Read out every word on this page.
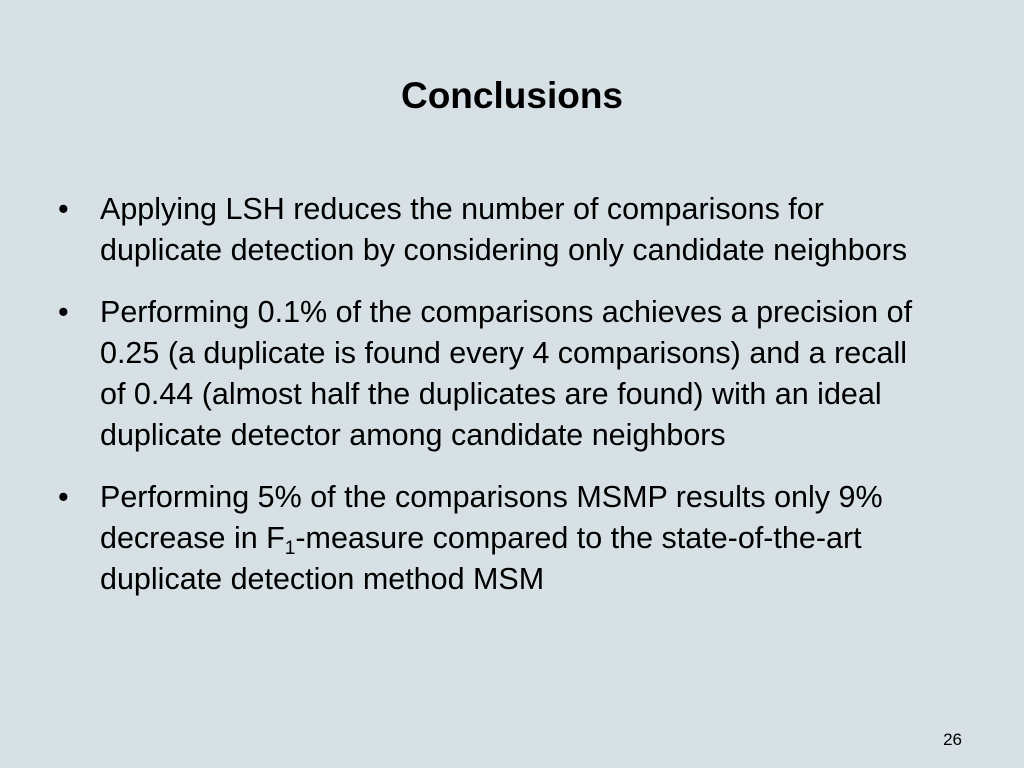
Conclusions
•	Applying LSH reduces the number of comparisons for duplicate detection by considering only candidate neighbors
•	Performing 0.1% of the comparisons achieves a precision of 0.25 (a duplicate is found every 4 comparisons) and a recall of 0.44 (almost half the duplicates are found) with an ideal duplicate detector among candidate neighbors
•	Performing 5% of the comparisons MSMP results only 9% decrease in $F_1$-measure compared to the state-of-the-art duplicate detection method MSM
26
